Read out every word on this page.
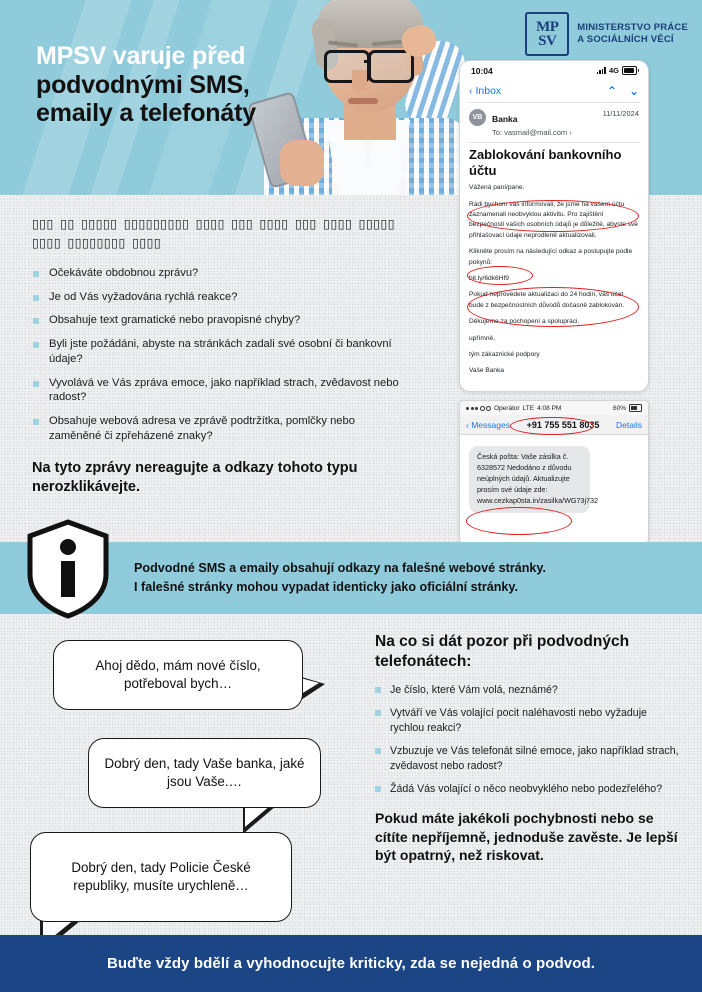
MPSV varuje před
podvodnými SMS,
emaily a telefonáty
MP
SV
MINISTERSTVO PRÁCE
A SOCIÁLNÍCH VĚCÍ
10:04	4G
‹ Inbox	⌃ ⌄
VB	Banka
To: vasmail@mail.com ›
11/11/2024
Zablokování bankovního účtu

Vážená paní/pane.

Rádi bychom vás informovali, že jsme na vašem účtu zaznamenali neobvyklou aktivitu. Pro zajištění bezpečnosti vašich osobních údajů je důležité, abyste své přihlašovací údaje neprodleně aktualizovali.

Klikněte prosím na následující odkaz a postupujte podle pokynů:

bit.ly/6dk6Hf9

Pokud neprovedete aktualizaci do 24 hodin, váš účet bude z bezpečnostních důvodů dočasně zablokován.

Děkujeme za pochopení a spolupráci.

upřímně,

tým zákaznické podpory

Vaše Banka

Operátor LTE 4:08 PM	60%
‹ Messages +91 755 551 8035 Details
Česká pošta: Vaše zásilka č. 6328572 Nedodáno z důvodu neúplných údajů. Aktualizujte prosím své údaje zde: www.cezkap0sta.in/zasilka/WG73j732
▯▯▯ ▯▯ ▯▯▯▯▯ ▯▯▯▯▯▯▯▯▯ ▯▯▯▯ ▯▯▯ ▯▯▯▯ ▯▯▯ ▯▯▯▯ ▯▯▯▯▯ ▯▯▯▯ ▯▯▯▯▯▯▯▯ ▯▯▯▯
Očekáváte obdobnou zprávu?
Je od Vás vyžadována rychlá reakce?
Obsahuje text gramatické nebo pravopisné chyby?
Byli jste požádáni, abyste na stránkách zadali své osobní či bankovní údaje?
Vyvolává ve Vás zpráva emoce, jako například strach, zvědavost nebo radost?
Obsahuje webová adresa ve zprávě podtržítka, pomlčky nebo zaměněné či zpřeházené znaky?
Na tyto zprávy nereagujte a odkazy tohoto typu nerozklikávejte.
Podvodné SMS a emaily obsahují odkazy na falešné webové stránky.
I falešné stránky mohou vypadat identicky jako oficiální stránky.
Ahoj dědo, mám nové číslo, potřeboval bych…
Dobrý den, tady Vaše banka, jaké jsou Vaše.…
Dobrý den, tady Policie České republiky, musíte urychleně…
Na co si dát pozor při podvodných telefonátech:
Je číslo, které Vám volá, neznámé?
Vytváří ve Vás volající pocit naléhavosti nebo vyžaduje rychlou reakci?
Vzbuzuje ve Vás telefonát silné emoce, jako například strach, zvědavost nebo radost?
Žádá Vás volající o něco neobvyklého nebo podezřelého?
Pokud máte jakékoli pochybnosti nebo se cítíte nepříjemně, jednoduše zavěste. Je lepší být opatrný, než riskovat.
Buďte vždy bdělí a vyhodnocujte kriticky, zda se nejedná o podvod.
